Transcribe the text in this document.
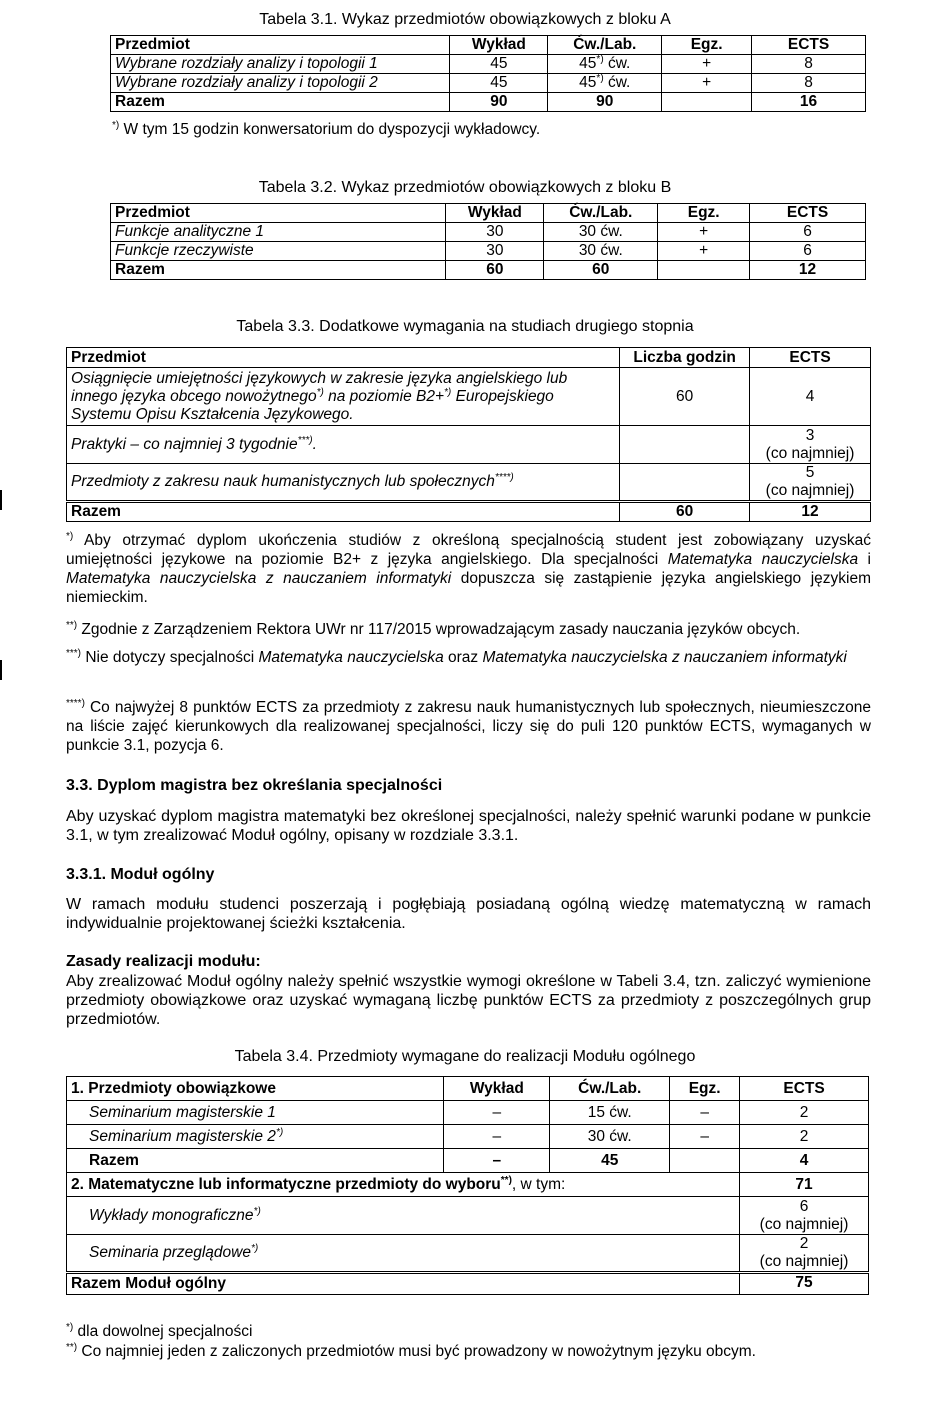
Tabela 3.1. Wykaz przedmiotów obowiązkowych z bloku A
Przedmiot	Wykład	Ćw./Lab.	Egz.	ECTS
Wybrane rozdziały analizy i topologii 1	45	45*) ćw.	+	8
Wybrane rozdziały analizy i topologii 2	45	45*) ćw.	+	8
Razem	90	90		16
*) W tym 15 godzin konwersatorium do dyspozycji wykładowcy.
Tabela 3.2. Wykaz przedmiotów obowiązkowych z bloku B
Przedmiot	Wykład	Ćw./Lab.	Egz.	ECTS
Funkcje analityczne 1	30	30 ćw.	+	6
Funkcje rzeczywiste	30	30 ćw.	+	6
Razem	60	60		12
Tabela 3.3. Dodatkowe wymagania na studiach drugiego stopnia
Przedmiot	Liczba godzin	ECTS
Osiągnięcie umiejętności językowych w zakresie języka angielskiego lub innego języka obcego nowożytnego*) na poziomie B2+*) Europejskiego Systemu Opisu Kształcenia Językowego.	60	4
Praktyki – co najmniej 3 tygodnie***).		3
(co najmniej)

Przedmioty z zakresu nauk humanistycznych lub społecznych****)		5
(co najmniej)

Razem	60	12
*) Aby otrzymać dyplom ukończenia studiów z określoną specjalnością student jest zobowiązany uzyskać umiejętności językowe na poziomie B2+ z języka angielskiego. Dla specjalności Matematyka nauczycielska i Matematyka nauczycielska z nauczaniem informatyki dopuszcza się zastąpienie języka angielskiego językiem niemieckim.
**) Zgodnie z Zarządzeniem Rektora UWr nr 117/2015 wprowadzającym zasady nauczania języków obcych.
***) Nie dotyczy specjalności Matematyka nauczycielska oraz Matematyka nauczycielska z nauczaniem informatyki
****) Co najwyżej 8 punktów ECTS za przedmioty z zakresu nauk humanistycznych lub społecznych, nieumieszczone na liście zajęć kierunkowych dla realizowanej specjalności, liczy się do puli 120 punktów ECTS, wymaganych w punkcie 3.1, pozycja 6.
3.3. Dyplom magistra bez określania specjalności
Aby uzyskać dyplom magistra matematyki bez określonej specjalności, należy spełnić warunki podane w punkcie 3.1, w tym zrealizować Moduł ogólny, opisany w rozdziale 3.3.1.
3.3.1. Moduł ogólny
W ramach modułu studenci poszerzają i pogłębiają posiadaną ogólną wiedzę matematyczną w ramach indywidualnie projektowanej ścieżki kształcenia.
Zasady realizacji modułu:
Aby zrealizować Moduł ogólny należy spełnić wszystkie wymogi określone w Tabeli 3.4, tzn. zaliczyć wymienione przedmioty obowiązkowe oraz uzyskać wymaganą liczbę punktów ECTS za przedmioty z poszczególnych grup przedmiotów.
Tabela 3.4. Przedmioty wymagane do realizacji Modułu ogólnego
1. Przedmioty obowiązkowe	Wykład	Ćw./Lab.	Egz.	ECTS
Seminarium magisterskie 1	–	15 ćw.	–	2
Seminarium magisterskie 2*)	–	30 ćw.	–	2
Razem	–	45		4
2. Matematyczne lub informatyczne przedmioty do wyboru**), w tym:				71
Wykłady monograficzne*)				6
(co najmniej)

Seminaria przeglądowe*)				2
(co najmniej)

Razem Moduł ogólny				75
*) dla dowolnej specjalności
**) Co najmniej jeden z zaliczonych przedmiotów musi być prowadzony w nowożytnym języku obcym.
